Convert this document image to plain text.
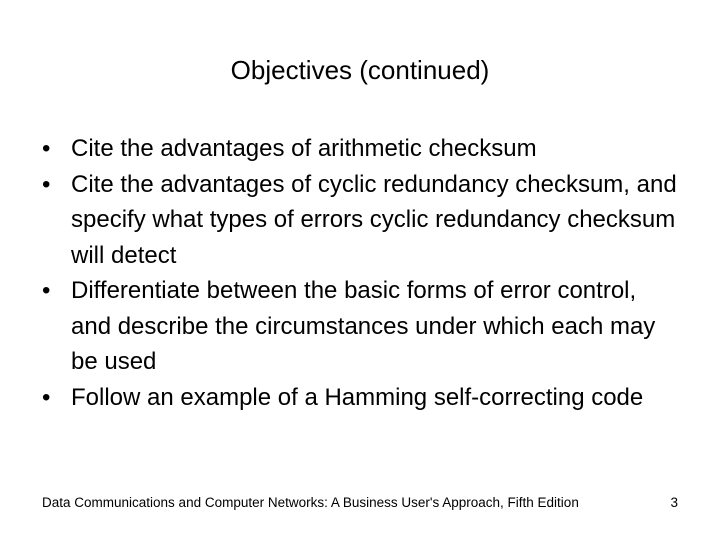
Objectives (continued)
• Cite the advantages of arithmetic checksum
• Cite the advantages of cyclic redundancy checksum, and specify what types of errors cyclic redundancy checksum will detect
• Differentiate between the basic forms of error control, and describe the circumstances under which each may be used
• Follow an example of a Hamming self-correcting code
Data Communications and Computer Networks: A Business User's Approach, Fifth Edition	3
